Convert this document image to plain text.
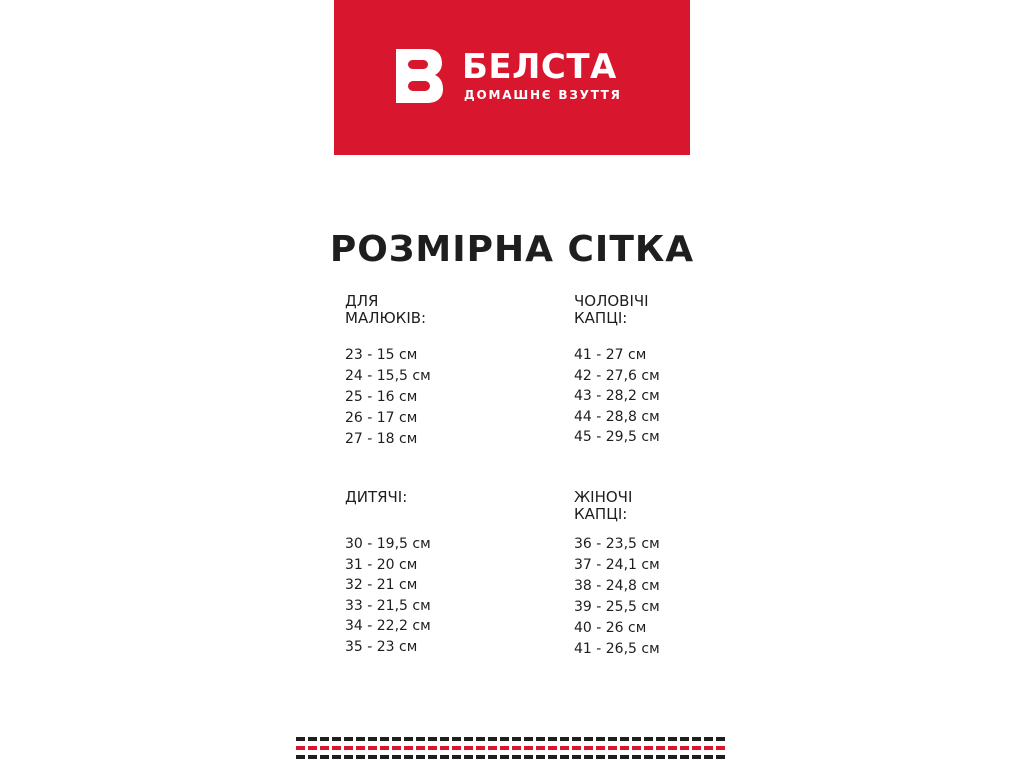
БЕЛСТА
ДОМАШНЄ ВЗУТТЯ
РОЗМІРНА СІТКА

ДЛЯ
МАЛЮКІВ:

23 - 15 см
24 - 15,5 см
25 - 16 см
26 - 17 см
27 - 18 см

ЧОЛОВІЧІ
КАПЦІ:

41 - 27 см
42 - 27,6 см
43 - 28,2 см
44 - 28,8 см
45 - 29,5 см

ДИТЯЧІ:

30 - 19,5 см
31 - 20 см
32 - 21 см
33 - 21,5 см
34 - 22,2 см
35 - 23 см

ЖІНОЧІ
КАПЦІ:

36 - 23,5 см
37 - 24,1 см
38 - 24,8 см
39 - 25,5 см
40 - 26 см
41 - 26,5 см
